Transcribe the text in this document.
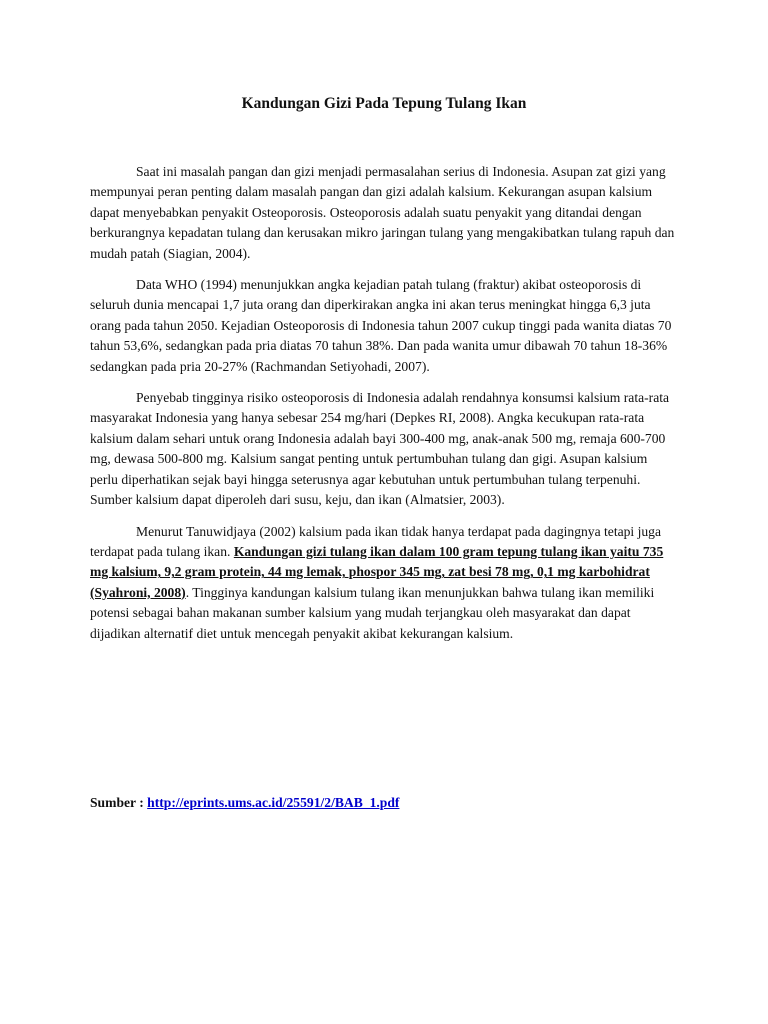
Kandungan Gizi Pada Tepung Tulang Ikan

Saat ini masalah pangan dan gizi menjadi permasalahan serius di Indonesia. Asupan zat gizi yang mempunyai peran penting dalam masalah pangan dan gizi adalah kalsium. Kekurangan asupan kalsium dapat menyebabkan penyakit Osteoporosis. Osteoporosis adalah suatu penyakit yang ditandai dengan berkurangnya kepadatan tulang dan kerusakan mikro jaringan tulang yang mengakibatkan tulang rapuh dan mudah patah (Siagian, 2004).

Data WHO (1994) menunjukkan angka kejadian patah tulang (fraktur) akibat osteoporosis di seluruh dunia mencapai 1,7 juta orang dan diperkirakan angka ini akan terus meningkat hingga 6,3 juta orang pada tahun 2050. Kejadian Osteoporosis di Indonesia tahun 2007 cukup tinggi pada wanita diatas 70 tahun 53,6%, sedangkan pada pria diatas 70 tahun 38%. Dan pada wanita umur dibawah 70 tahun 18-36% sedangkan pada pria 20-27% (Rachmandan Setiyohadi, 2007).

Penyebab tingginya risiko osteoporosis di Indonesia adalah rendahnya konsumsi kalsium rata-rata masyarakat Indonesia yang hanya sebesar 254 mg/hari (Depkes RI, 2008). Angka kecukupan rata-rata kalsium dalam sehari untuk orang Indonesia adalah bayi 300-400 mg, anak-anak 500 mg, remaja 600-700 mg, dewasa 500-800 mg. Kalsium sangat penting untuk pertumbuhan tulang dan gigi. Asupan kalsium perlu diperhatikan sejak bayi hingga seterusnya agar kebutuhan untuk pertumbuhan tulang terpenuhi. Sumber kalsium dapat diperoleh dari susu, keju, dan ikan (Almatsier, 2003).

Menurut Tanuwidjaya (2002) kalsium pada ikan tidak hanya terdapat pada dagingnya tetapi juga terdapat pada tulang ikan. Kandungan gizi tulang ikan dalam 100 gram tepung tulang ikan yaitu 735 mg kalsium, 9,2 gram protein, 44 mg lemak, phospor 345 mg, zat besi 78 mg, 0,1 mg karbohidrat (Syahroni, 2008). Tingginya kandungan kalsium tulang ikan menunjukkan bahwa tulang ikan memiliki potensi sebagai bahan makanan sumber kalsium yang mudah terjangkau oleh masyarakat dan dapat dijadikan alternatif diet untuk mencegah penyakit akibat kekurangan kalsium.

Sumber : http://eprints.ums.ac.id/25591/2/BAB_1.pdf
